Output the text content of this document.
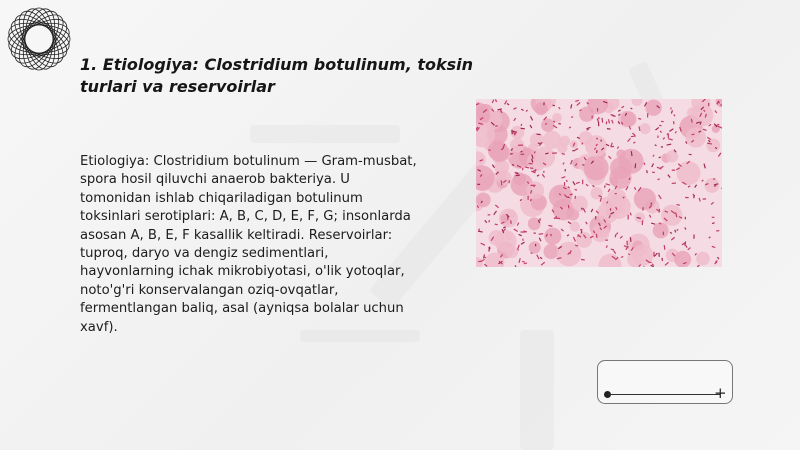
1. Etiologiya: Clostridium botulinum, toksin turlari va reservoirlar

Etiologiya: Clostridium botulinum — Gram-musbat, spora hosil qiluvchi anaerob bakteriya. U tomonidan ishlab chiqariladigan botulinum toksinlari serotiplari: A, B, C, D, E, F, G; insonlarda asosan A, B, E, F kasallik keltiradi. Reservoirlar: tuproq, daryo va dengiz sedimentlari, hayvonlarning ichak mikrobiyotasi, o'lik yotoqlar, noto'g'ri konservalangan oziq-ovqatlar, fermentlangan baliq, asal (ayniqsa bolalar uchun xavf).

+
